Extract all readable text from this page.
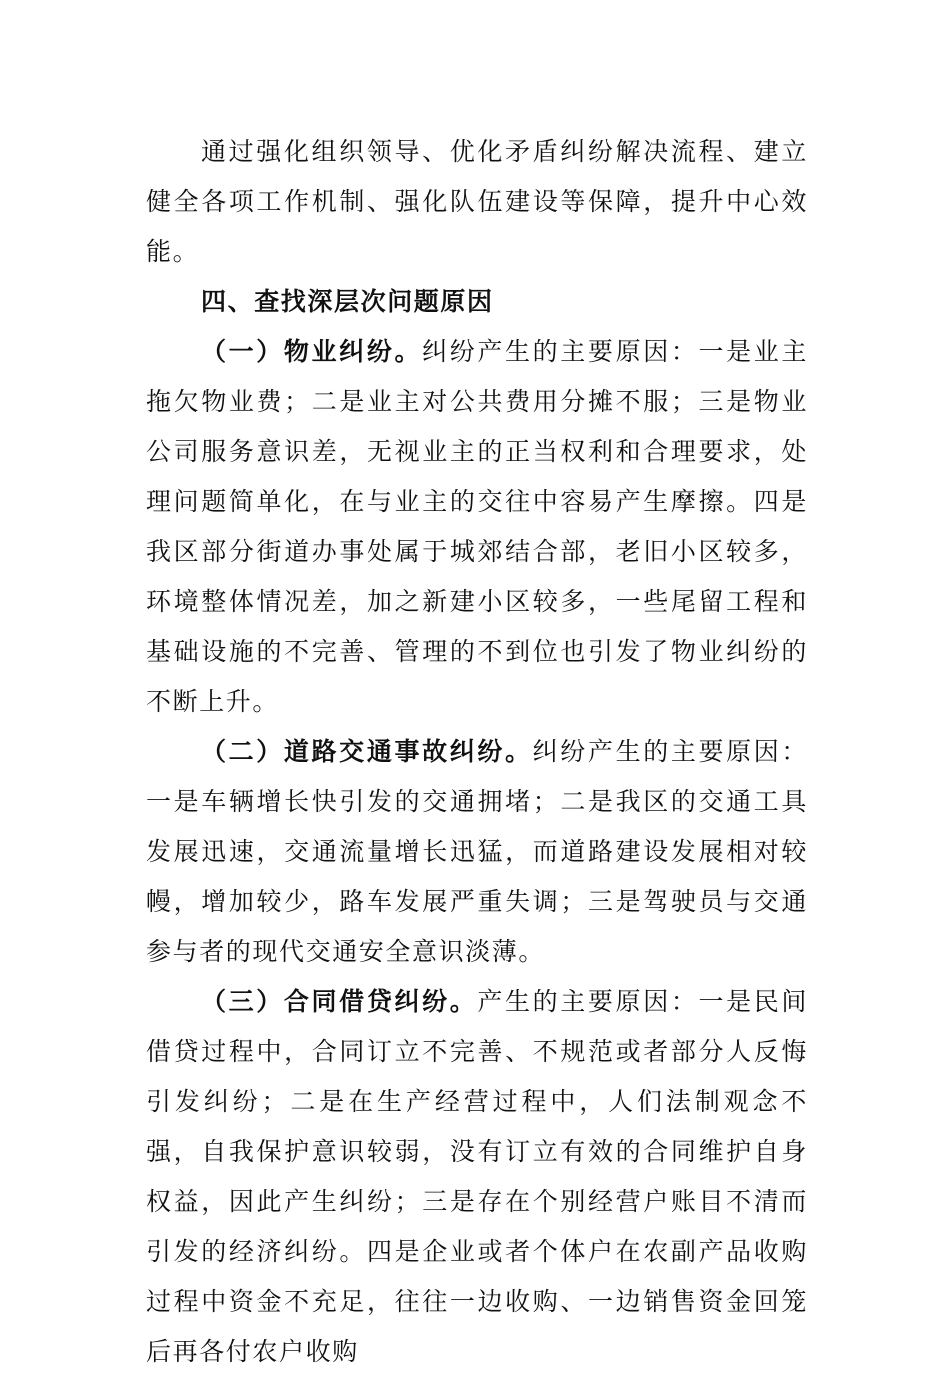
通过强化组织领导、优化矛盾纠纷解决流程、建立健全各项工作机制、强化队伍建设等保障，提升中心效能。

四、查找深层次问题原因

（一）物业纠纷。纠纷产生的主要原因：一是业主拖欠物业费；二是业主对公共费用分摊不服；三是物业公司服务意识差，无视业主的正当权利和合理要求，处理问题简单化，在与业主的交往中容易产生摩擦。四是我区部分街道办事处属于城郊结合部，老旧小区较多，环境整体情况差，加之新建小区较多，一些尾留工程和基础设施的不完善、管理的不到位也引发了物业纠纷的不断上升。

（二）道路交通事故纠纷。纠纷产生的主要原因：一是车辆增长快引发的交通拥堵；二是我区的交通工具发展迅速，交通流量增长迅猛，而道路建设发展相对较幔，增加较少，路车发展严重失调；三是驾驶员与交通参与者的现代交通安全意识淡薄。

（三）合同借贷纠纷。产生的主要原因：一是民间借贷过程中，合同订立不完善、不规范或者部分人反悔引发纠纷；二是在生产经营过程中，人们法制观念不强，自我保护意识较弱，没有订立有效的合同维护自身权益，因此产生纠纷；三是存在个别经营户账目不清而引发的经济纠纷。四是企业或者个体户在农副产品收购过程中资金不充足，往往一边收购、一边销售资金回笼后再各付农户收购
